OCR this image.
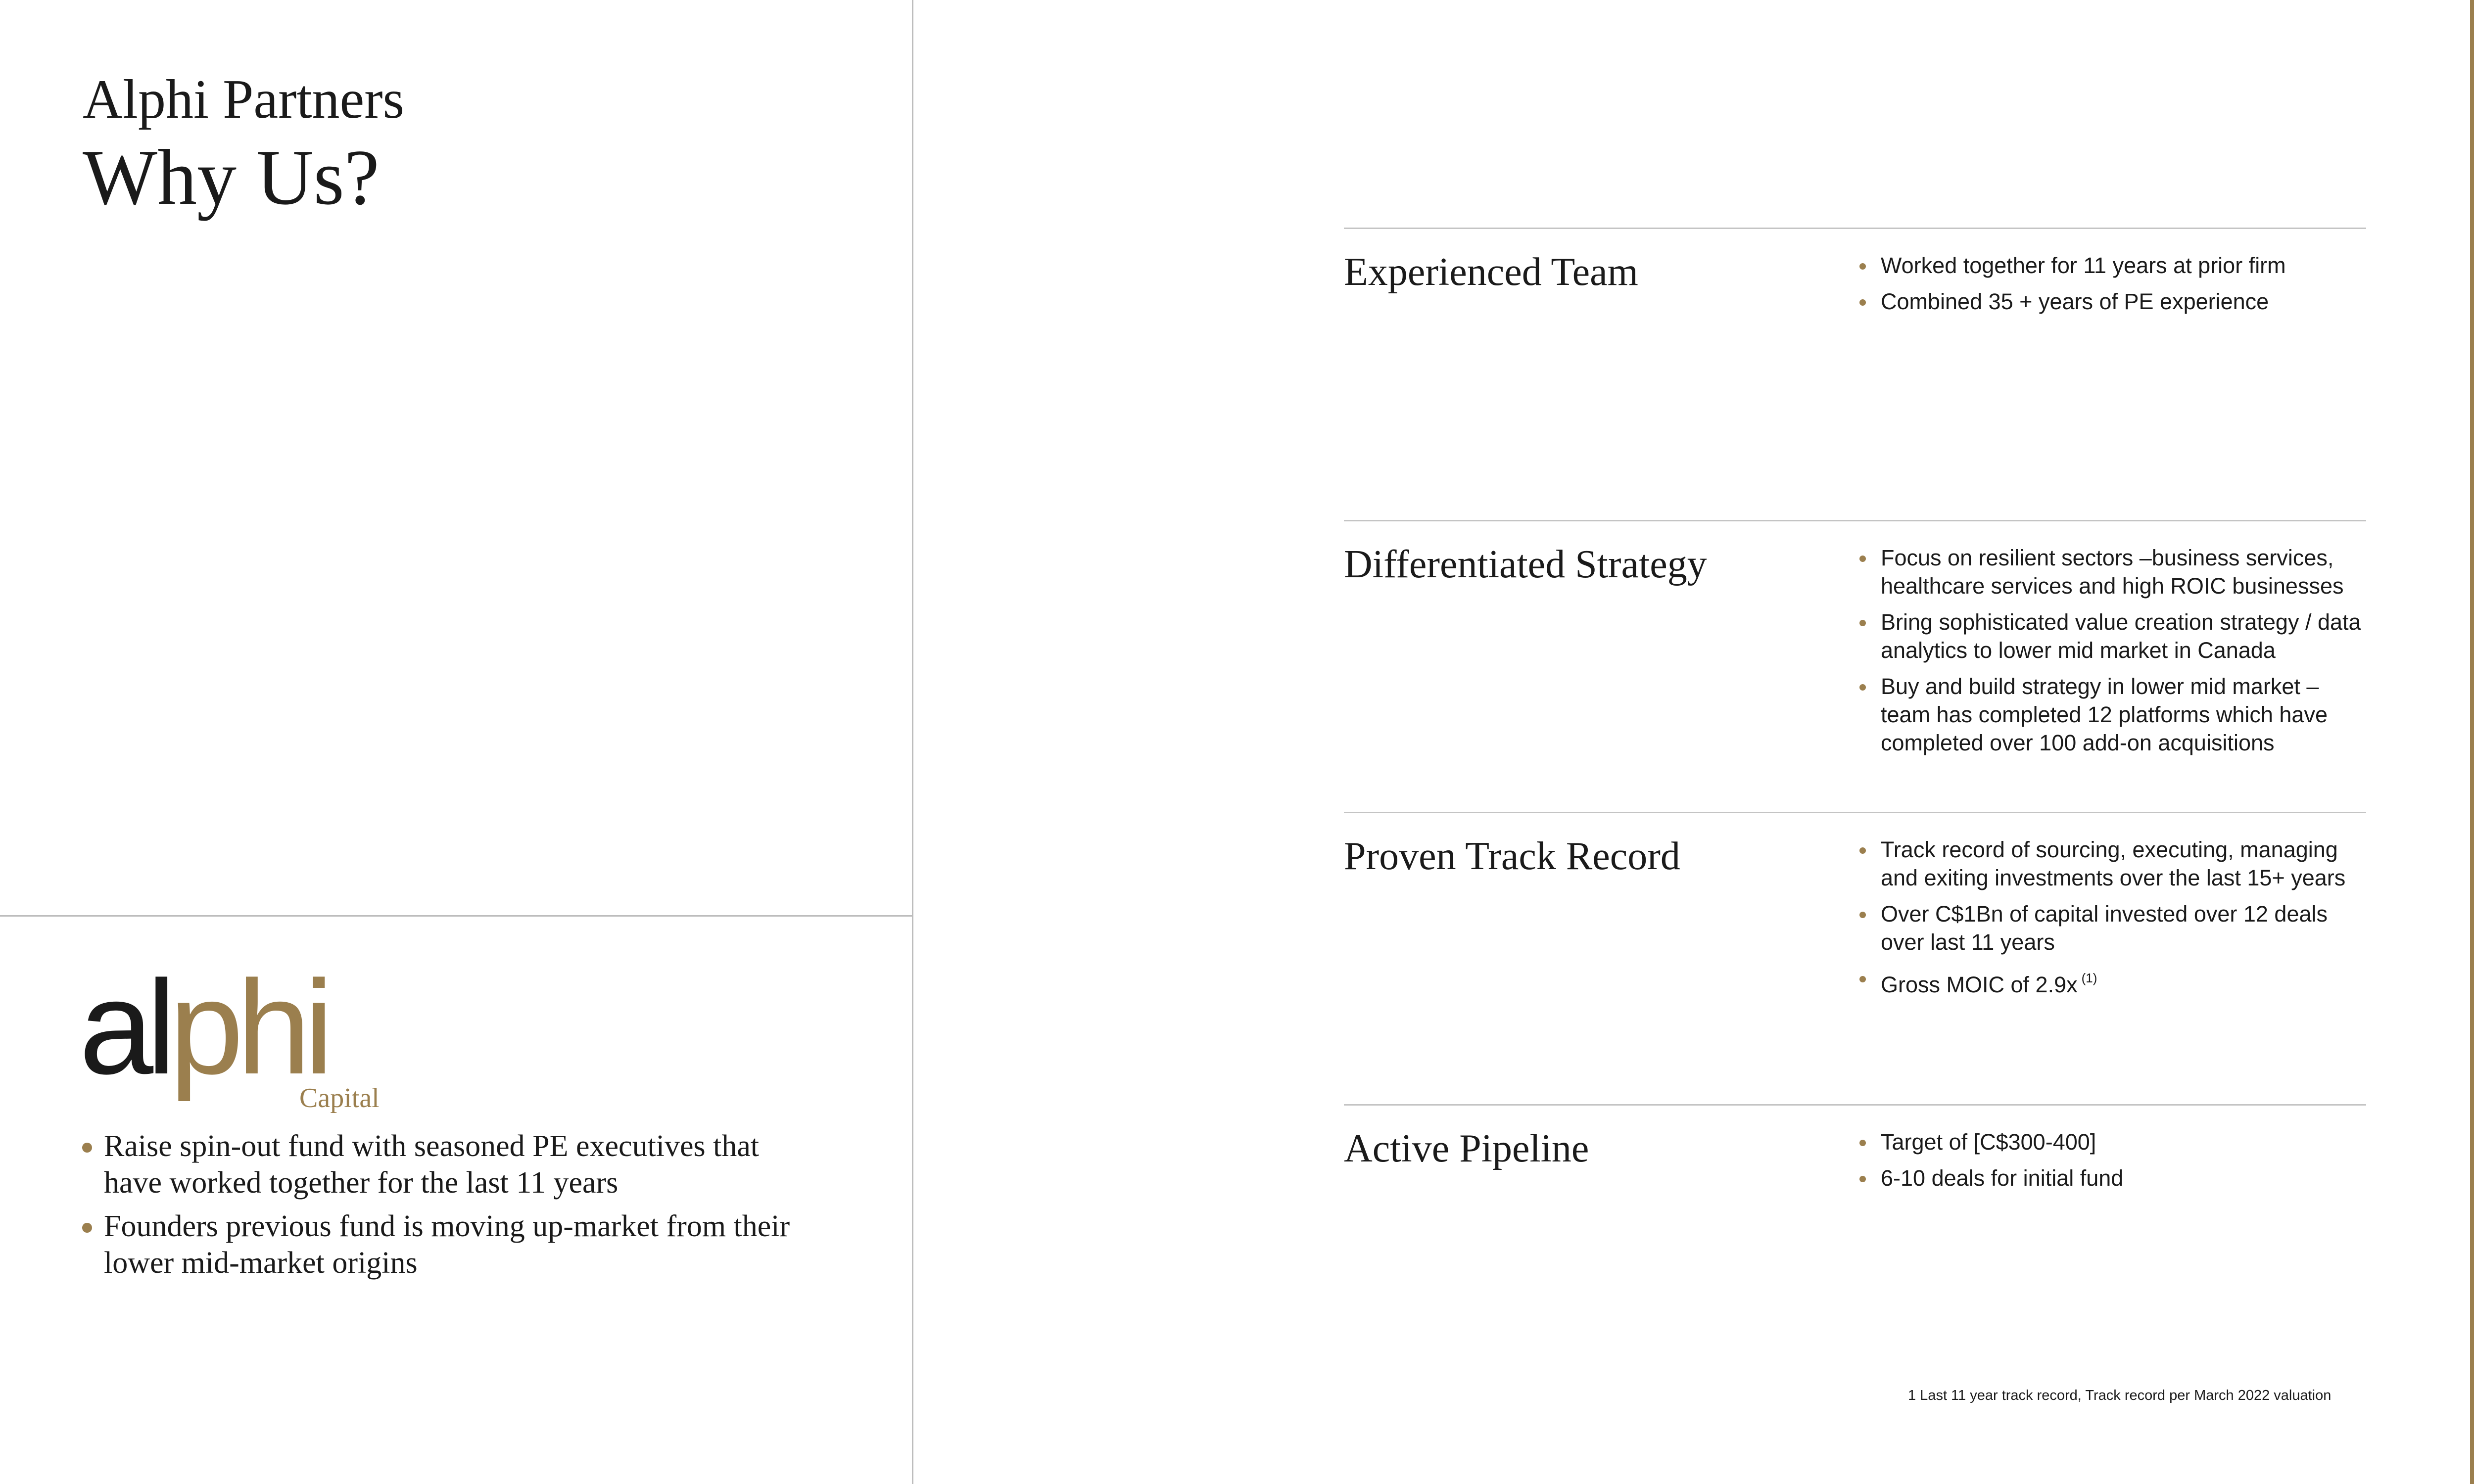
Alphi Partners
Why Us?
alphi
Capital
Raise spin-out fund with seasoned PE executives that have worked together for the last 11 years
Founders previous fund is moving up-market from their lower mid-market origins
Experienced Team	Worked together for 11 years at prior firm
Combined 35 + years of PE experience
Differentiated Strategy	Focus on resilient sectors –business services, healthcare services and high ROIC businesses
Bring sophisticated value creation strategy / data analytics to lower mid market in Canada
Buy and build strategy in lower mid market – team has completed 12 platforms which have completed over 100 add-on acquisitions
Proven Track Record	Track record of sourcing, executing, managing and exiting investments over the last 15+ years
Over C$1Bn of capital invested over 12 deals over last 11 years
Gross MOIC of 2.9x $^{(1)}$
Active Pipeline	Target of [C$300-400]
6-10 deals for initial fund
1 Last 11 year track record, Track record per March 2022 valuation
